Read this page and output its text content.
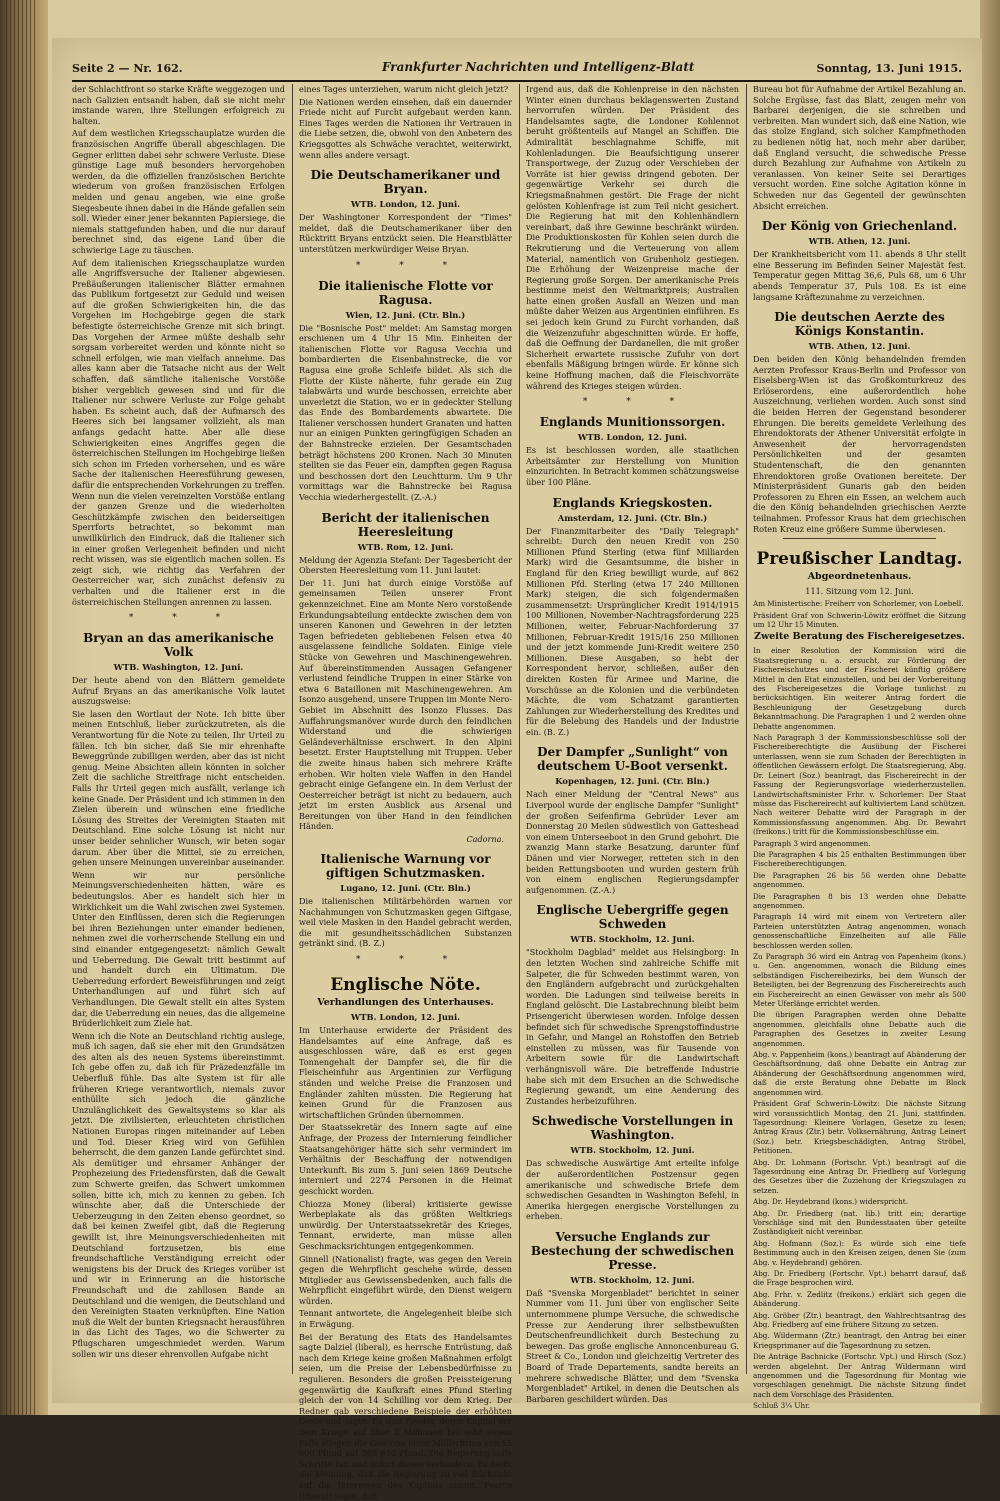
Seite 2 — Nr. 162.	Frankfurter Nachrichten und Intelligenz-Blatt	Sonntag, 13. Juni 1915.

der Schlachtfront so starke Kräfte weggezogen und nach Galizien entsandt haben, daß sie nicht mehr imstande waren, ihre Stellungen erfolgreich zu halten.

Auf dem westlichen Kriegsschauplatze wurden die französischen Angriffe überall abgeschlagen. Die Gegner erlitten dabei sehr schwere Verluste. Diese günstige Lage muß besonders hervorgehoben werden, da die offiziellen französischen Berichte wiederum von großen französischen Erfolgen melden und genau angeben, wie eine große Siegesbeute ihnen dabei in die Hände gefallen sein soll. Wieder einer jener bekannten Papiersiege, die niemals stattgefunden haben, und die nur darauf berechnet sind, das eigene Land über die schwierige Lage zu täuschen.

Auf dem italienischen Kriegsschauplatze wurden alle Angriffsversuche der Italiener abgewiesen. Preßäußerungen italienischer Blätter ermahnen das Publikum fortgesetzt zur Geduld und weisen auf die großen Schwierigkeiten hin, die das Vorgehen im Hochgebirge gegen die stark befestigte österreichische Grenze mit sich bringt. Das Vorgehen der Armee müßte deshalb sehr sorgsam vorbereitet werden und könnte nicht so schnell erfolgen, wie man vielfach annehme. Das alles kann aber die Tatsache nicht aus der Welt schaffen, daß sämtliche italienische Vorstöße bisher vergeblich gewesen sind und für die Italiener nur schwere Verluste zur Folge gehabt haben. Es scheint auch, daß der Aufmarsch des Heeres sich bei langsamer vollzieht, als man anfangs gedacht hatte. Aber alle diese Schwierigkeiten eines Angriffes gegen die österreichischen Stellungen im Hochgebirge ließen sich schon im Frieden vorhersehen, und es wäre Sache der italienischen Heeresführung gewesen, dafür die entsprechenden Vorkehrungen zu treffen. Wenn nun die vielen vereinzelten Vorstöße entlang der ganzen Grenze und die wiederholten Geschützkämpfe zwischen den beiderseitigen Sperrforts betrachtet, so bekommt man unwillkürlich den Eindruck, daß die Italiener sich in einer großen Verlegenheit befinden und nicht recht wissen, was sie eigentlich machen sollen. Es zeigt sich, wie richtig das Verfahren der Oesterreicher war, sich zunächst defensiv zu verhalten und die Italiener erst in die österreichischen Stellungen anrennen zu lassen.

* * *
Bryan an das amerikanische Volk
WTB. Washington, 12. Juni.

Der heute abend von den Blättern gemeldete Aufruf Bryans an das amerikanische Volk lautet auszugsweise:

Sie lasen den Wortlaut der Note. Ich bitte über meinen Entschluß, lieber zurückzutreten, als die Verantwortung für die Note zu teilen, Ihr Urteil zu fällen. Ich bin sicher, daß Sie mir ehrenhafte Beweggründe zubilligen werden, aber das ist nicht genug. Meine Absichten allein könnten in solcher Zeit die sachliche Streitfrage nicht entscheiden. Falls Ihr Urteil gegen mich ausfällt, verlange ich keine Gnade. Der Präsident und ich stimmen in den Zielen überein und wünschen eine friedliche Lösung des Streites der Vereinigten Staaten mit Deutschland. Eine solche Lösung ist nicht nur unser beider sehnlicher Wunsch, wir beten sogar darum. Aber über die Mittel, sie zu erreichen, gehen unsere Meinungen unvereinbar auseinander.

Wenn wir nur persönliche Meinungsverschiedenheiten hätten, wäre es bedeutungslos. Aber es handelt sich hier in Wirklichkeit um die Wahl zwischen zwei Systemen. Unter den Einflüssen, deren sich die Regierungen bei ihren Beziehungen unter einander bedienen, nehmen zwei die vorherrschende Stellung ein und sind einander entgegengesetzt: nämlich Gewalt und Ueberredung. Die Gewalt tritt bestimmt auf und handelt durch ein Ultimatum. Die Ueberredung erfordert Beweisführungen und zeigt Unterhandlungen auf und führt sich auf Verhandlungen. Die Gewalt stellt ein altes System dar, die Ueberredung ein neues, das die allgemeine Brüderlichkeit zum Ziele hat.

Wenn ich die Note an Deutschland richtig auslege, muß ich sagen, daß sie eher mit den Grundsätzen des alten als des neuen Systems übereinstimmt. Ich gebe offen zu, daß ich für Präzedenzfälle im Ueberfluß fühle. Das alte System ist für alle früheren Kriege verantwortlich, niemals zuvor enthüllte sich jedoch die gänzliche Unzulänglichkeit des Gewaltsystems so klar als jetzt. Die zivilisierten, erleuchteten christlichen Nationen Europas ringen miteinander auf Leben und Tod. Dieser Krieg wird von Gefühlen beherrscht, die dem ganzen Lande gefürchtet sind. Als demütiger und ehrsamer Anhänger der Prophezeiung des Friedensfürsten, daß die Gewalt zum Schwerte greifen, das Schwert umkommen sollen, bitte ich, mich zu kennen zu geben. Ich wünschte aber, daß die Unterschiede der Ueberzeugung in den Zeiten ebenso geordnet, so daß bei keinen Zweifel gibt, daß die Regierung gewillt ist, ihre Meinungsverschiedenheiten mit Deutschland fortzusetzen, bis eine freundschaftliche Verständigung erreicht oder wenigstens bis der Druck des Krieges vorüber ist und wir in Erinnerung an die historische Freundschaft und die zahllosen Bande an Deutschland und die wenigen, die Deutschland und den Vereinigten Staaten verknüpften. Eine Nation muß die Welt der bunten Kriegsnacht herausführen in das Licht des Tages, wo die Schwerter zu Pflugscharen umgeschmiedet werden. Warum sollen wir uns dieser ehrenvollen Aufgabe nicht

eines Tages unterziehen, warum nicht gleich jetzt?

Die Nationen werden einsehen, daß ein dauernder Friede nicht auf Furcht aufgebaut werden kann. Eines Tages werden die Nationen ihr Vertrauen in die Liebe setzen, die, obwohl von den Anbetern des Kriegsgottes als Schwäche verachtet, weiterwirkt, wenn alles andere versagt.

Die Deutschamerikaner und Bryan.
WTB. London, 12. Juni.

Der Washingtoner Korrespondent der "Times" meldet, daß die Deutschamerikaner über den Rücktritt Bryans entzückt seien. Die Hearstblätter unterstützen merkwürdiger Weise Bryan.

* * *
Die italienische Flotte vor Ragusa.
Wien, 12. Juni. (Ctr. Bln.)

Die "Bosnische Post" meldet: Am Samstag morgen erschienen um 4 Uhr 15 Min. Einheiten der italienischen Flotte vor Ragusa Vecchia und bombardierten die Eisenbahnstrecke, die vor Ragusa eine große Schleife bildet. Als sich die Flotte der Küste näherte, fuhr gerade ein Zug talabwärts und wurde beschossen, erreichte aber unverletzt die Station, wo er in gedeckter Stellung das Ende des Bombardements abwartete. Die Italiener verschossen hundert Granaten und hatten nur an einigen Punkten geringfügigen Schaden an der Bahnstrecke erzielen. Der Gesamtschaden beträgt höchstens 200 Kronen. Nach 30 Minuten stellten sie das Feuer ein, dampften gegen Ragusa und beschossen dort den Leuchtturm. Um 9 Uhr vormittags war die Bahnstrecke bei Ragusa Vecchia wiederhergestellt. (Z.-A.)

Bericht der italienischen Heeresleitung
WTB. Rom, 12. Juni.

Meldung der Agenzia Stefani: Der Tagesbericht der Obersten Heeresleitung vom 11. Juni lautet:

Der 11. Juni hat durch einige Vorstöße auf gemeinsamen Teilen unserer Front gekennzeichnet. Eine am Monte Nero vorstoßende Erkundungsabteilung entdeckte zwischen dem von unseren Kanonen und Gewehren in der letzten Tagen befriedeten gebliebenen Felsen etwa 40 ausgelassene feindliche Soldaten. Einige viele Stücke von Gewehren und Maschinengewehren. Auf übereinstimmenden Aussagen Gefangener verlustend feindliche Truppen in einer Stärke von etwa 6 Bataillonen mit Maschinengewehren. Am Isonzo ausgehend, unsere Truppen im Monte Nero-Gebiet im Abschnitt des Isonzo Flusses. Das Auffahrungsmanöver wurde durch den feindlichen Widerstand und die schwierigen Geländeverhältnisse erschwert. In den Alpini besetzt. Erster Hauptstellung mit Truppen. Ueber die zweite hinaus haben sich mehrere Kräfte erhoben. Wir holten viele Waffen in den Handel gebracht einige Gefangene ein. In dem Verlust der Oesterreicher beträgt ist nicht zu bedauern, auch jetzt im ersten Ausblick aus Arsenal und Bereitungen von über Hand in den feindlichen Händen.

Cadorna.
Italienische Warnung vor giftigen Schutzmasken.
Lugano, 12. Juni. (Ctr. Bln.)

Die italienischen Militärbehörden warnen vor Nachahmungen von Schutzmasken gegen Giftgase, weil viele Masken in den Handel gebracht werden, die mit gesundheitsschädlichen Substanzen getränkt sind. (B. Z.)

* * *
Englische Nöte.
Verhandlungen des Unterhauses.
WTB. London, 12. Juni.

Im Unterhause erwiderte der Präsident des Handelsamtes auf eine Anfrage, daß es ausgeschlossen wäre, daß es erst gegen Tonnengehalt der Dampfer sei, die für die Fleischeinfuhr aus Argentinien zur Verfügung ständen und welche Preise die Franzosen und Engländer zahlten müssten. Die Regierung hat keinen Grund für die Franzosen aus wirtschaftlichen Gründen übernommen.

Der Staatssekretär des Innern sagte auf eine Anfrage, der Prozess der Internierung feindlicher Staatsangehöriger hätte sich sehr vermindert im Verhältnis der Beschaffung der notwendigen Unterkunft. Bis zum 5. Juni seien 1869 Deutsche interniert und 2274 Personen in die Heimat geschickt worden.

Chiozza Money (liberal) kritisierte gewisse Werbeplakate als das größten Weltkriegs unwürdig. Der Unterstaatssekretär des Krieges, Tennant, erwiderte, man müsse allen Geschmacksrichtungen entgegenkommen.

Ginnell (Nationalist) fragte, was gegen den Verein gegen die Wehrpflicht geschehe würde, dessen Mitglieder aus Gewissensbedenken, auch falls die Wehrpflicht eingeführt würde, den Dienst weigern würden.

Tennant antwortete, die Angelegenheit bleibe sich in Erwägung.

Bei der Beratung des Etats des Handelsamtes sagte Dalziel (liberal), es herrsche Entrüstung, daß nach dem Kriege keine großen Maßnahmen erfolgt seien, um die Preise der Lebensbedürfnisse zu regulieren. Besonders die großen Preissteigerung gegenwärtig die Kaufkraft eines Pfund Sterling gleich der von 14 Schilling vor dem Krieg. Der Redner gab verschiedene Beispiele der erhöhten Geste und sagte: Es sind Reeder, deren Kapital vor dem Kriege auf über 2 Millionen bei sehr einem Falle stiegen die Gewinne einer Müllerfirma von 55 000 Pfund auf 368 650 Pfund. Die Regierung solle Schritte tun und sofort dieses verhindern. Es heißt die Meinung, daß die Regierung zu viel Rücksicht auf die Interessen des Kapitals nimmt. Pearce (liberal) sagte, daß

Irgend aus, daß die Kohlenpreise in den nächsten Winter einen durchaus beklagenswerten Zustand hervorrufen würden. Der Präsident des Handelsamtes sagte, die Londoner Kohlennot beruht größtenteils auf Mangel an Schiffen. Die Admiralität beschlagnahme Schiffe, mit Kohlenladungen. Die Beaufsichtigung unserer Transportwege, der Zuzug oder Verschieben der Vorräte ist hier gewiss dringend geboten. Der gegenwärtige Verkehr sei durch die Kriegsmaßnahmen gestört. Die Frage der nicht gelösten Kohlenfrage ist zum Teil nicht gesichert. Die Regierung hat mit den Kohlenhändlern vereinbart, daß ihre Gewinne beschränkt würden. Die Produktionskosten für Kohlen seien durch die Rekrutierung und die Verteuerung von allem Material, namentlich von Grubenholz gestiegen. Die Erhöhung der Weizenpreise mache der Regierung große Sorgen. Der amerikanische Preis bestimme meist den Weltmarktpreis; Australien hatte einen großen Ausfall an Weizen und man müßte daher Weizen aus Argentinien einführen. Es sei jedoch kein Grund zu Furcht vorhanden, daß die Weizenzufuhr abgeschnitten würde. Er hoffe, daß die Oeffnung der Dardanellen, die mit großer Sicherheit erwartete russische Zufuhr von dort ebenfalls Mäßigung bringen würde. Er könne sich keine Hoffnung machen, daß die Fleischvorräte während des Krieges steigen würden.

* * *
Englands Munitionssorgen.
WTB. London, 12. Juni.

Es ist beschlossen worden, alle staatlichen Arbeitsämter zur Herstellung von Munition einzurichten. In Betracht kommen schätzungsweise über 100 Pläne.

Englands Kriegskosten.
Amsterdam, 12. Juni. (Ctr. Bln.)

Der Finanzmitarbeiter des "Daily Telegraph" schreibt: Durch den neuen Kredit von 250 Millionen Pfund Sterling (etwa fünf Milliarden Mark) wird die Gesamtsumme, die bisher in England für den Krieg bewilligt wurde, auf 862 Millionen Pfd. Sterling (etwa 17 240 Millionen Mark) steigen, die sich folgendermaßen zusammensetzt: Ursprünglicher Kredit 1914/1915 100 Millionen, November-Nachtragsforderung 225 Millionen, weiter, Februar-Nachforderung 37 Millionen, Februar-Kredit 1915/16 250 Millionen und der jetzt kommende Juni-Kredit weitere 250 Millionen. Diese Ausgaben, so hebt der Korrespondent hervor, schließen, außer den direkten Kosten für Armee und Marine, die Vorschüsse an die Kolonien und die verbündeten Mächte, die vom Schatzamt garantierten Zahlungen zur Wiederherstellung des Kredites und für die Belebung des Handels und der Industrie ein. (B. Z.)

Der Dampfer „Sunlight“ von deutschem U-Boot versenkt.
Kopenhagen, 12. Juni. (Ctr. Bln.)

Nach einer Meldung der "Central News" aus Liverpool wurde der englische Dampfer "Sunlight" der großen Seifenfirma Gebrüder Lever am Donnerstag 20 Meilen südwestlich von Gatteshead von einem Unterseeboot in den Grund gebohrt. Die zwanzig Mann starke Besatzung, darunter fünf Dänen und vier Norweger, retteten sich in den beiden Rettungsbooten und wurden gestern früh von einem englischen Regierungsdampfer aufgenommen. (Z.-A.)

Englische Uebergriffe gegen Schweden
WTB. Stockholm, 12. Juni.

"Stockholm Dagblad" meldet aus Helsingborg: In den letzten Wochen sind zahlreiche Schiffe mit Salpeter, die für Schweden bestimmt waren, von den Engländern aufgebracht und zurückgehalten worden. Die Ladungen sind teilweise bereits in England gelöscht. Die Lastabrechnung bleibt beim Prisengericht überwiesen worden. Infolge dessen befindet sich für schwedische Sprengstoffindustrie in Gefahr, und Mangel an Rohstoffen den Betrieb einstellen zu müssen, was für Tausende von Arbeitern sowie für die Landwirtschaft verhängnisvoll wäre. Die betreffende Industrie habe sich mit dem Ersuchen an die Schwedische Regierung gewandt, um eine Aenderung des Zustandes herbeizuführen.

Schwedische Vorstellungen in Washington.
WTB. Stockholm, 12. Juni.

Das schwedische Auswärtige Amt erteilte infolge der außerordentlichen Postzensur gegen amerikanische und schwedische Briefe dem schwedischen Gesandten in Washington Befehl, in Amerika hiergegen energische Vorstellungen zu erheben.

Versuche Englands zur Bestechung der schwedischen Presse.
WTB. Stockholm, 12. Juni.

Daß "Svenska Morgenbladet" berichtet in seiner Nummer vom 11. Juni über von englischer Seite unternommene plumpe Versuche, die schwedische Presse zur Aenderung ihrer selbstbewußten Deutschenfreundlichkeit durch Bestechung zu bewegen. Das große englische Annoncenbureau G. Street & Co., London und gleichzeitig Vertreter des Board of Trade Departements, sandte bereits an mehrere schwedische Blätter, und dem "Svenska Morgenbladet" Artikel, in denen die Deutschen als Barbaren geschildert würden. Das

Bureau bot für Aufnahme der Artikel Bezahlung an. Solche Ergüsse, fast das Blatt, zeugen mehr von Barbarei derjenigen, die sie schreiben und verbreiten. Man wundert sich, daß eine Nation, wie das stolze England, sich solcher Kampfmethoden zu bedienen nötig hat, noch mehr aber darüber, daß England versucht, die schwedische Presse durch Bezahlung zur Aufnahme von Artikeln zu veranlassen. Von keiner Seite sei Derartiges versucht worden. Eine solche Agitation könne in Schweden nur das Gegenteil der gewünschten Absicht erreichen.

Der König von Griechenland.
WTB. Athen, 12. Juni.

Der Krankheitsbericht vom 11. abends 8 Uhr stellt eine Besserung im Befinden Seiner Majestät fest. Temperatur gegen Mittag 36,6, Puls 68, um 6 Uhr abends Temperatur 37, Puls 108. Es ist eine langsame Kräftezunahme zu verzeichnen.

Die deutschen Aerzte des Königs Konstantin.
WTB. Athen, 12. Juni.

Den beiden den König behandelnden fremden Aerzten Professor Kraus-Berlin und Professor von Eiselsberg-Wien ist das Großkomturkreuz des Erlöserordens, eine außerordentlich hohe Auszeichnung, verliehen worden. Auch sonst sind die beiden Herren der Gegenstand besonderer Ehrungen. Die bereits gemeldete Verleihung des Ehrendoktorats der Athener Universität erfolgte in Anwesenheit der hervorragendsten Persönlichkeiten und der gesamten Studentenschaft, die den genannten Ehrendoktoren große Ovationen bereitete. Der Ministerpräsident Gunaris gab den beiden Professoren zu Ehren ein Essen, an welchem auch die den König behandelnden griechischen Aerzte teilnahmen. Professor Kraus hat dem griechischen Roten Kreuz eine größere Summe überwiesen.

Preußischer Landtag.
Abgeordnetenhaus.
111. Sitzung vom 12. Juni.

Am Ministertische: Freiherr von Schorlemer, von Loebell.

Präsident Graf von Schwerin-Löwitz eröffnet die Sitzung um 12 Uhr 15 Minuten.

Zweite Beratung des Fischereigesetzes.

In einer Resolution der Kommission wird die Staatsregierung u. a. ersucht, zur Förderung der Fischereischutzes und der Fischerei künftig größere Mittel in den Etat einzustellen, und bei der Vorbereitung des Fischereigesetzes die Vorlage tunlichst zu berücksichtigen. Ein weiterer Antrag fordert die Beschleunigung der Gesetzgebung durch Bekanntmachung. Die Paragraphen 1 und 2 werden ohne Debatte angenommen.

Nach Paragraph 3 der Kommissionsbeschlüsse soll der Fischereiberechtigte die Ausübung der Fischerei unterlassen, wenn sie zum Schaden der Berechtigten in öffentlichen Gewässern erfolgt. Die Staatsregierung, Abg. Dr. Leinert (Soz.) beantragt, das Fischereirecht in der Fassung der Regierungsvorlage wiederherzustellen. Landwirtschaftsminister Frhr. v. Schorlemer: Der Staat müsse das Fischereirecht auf kultiviertem Land schützen. Nach weiterer Debatte wird der Paragraph in der Kommissionsfassung angenommen. Abg. Dr. Bewahrt (freikons.) tritt für die Kommissionsbeschlüsse ein.

Paragraph 3 wird angenommen.

Die Paragraphen 4 bis 25 enthalten Bestimmungen über Fischereiberechtigungen.

Die Paragraphen 26 bis 56 werden ohne Debatte angenommen.

Die Paragraphen 8 bis 13 werden ohne Debatte angenommen.

Paragraph 14 wird mit einem von Vertretern aller Parteien unterstützten Antrag angenommen, wonach genossenschaftliche Einzelheiten auf alle Fälle beschlossen werden sollen.

Zu Paragraph 36 wird ein Antrag von Papenheim (kons.) u. Gen. angenommen, wonach die Bildung eines selbständigen Fischereibezirks, bei dem Wunsch der Beteiligten, bei der Begrenzung des Fischereirechts auch ein Fischereirecht an einen Gewässer von mehr als 500 Meter Uferlänge errichtet werden.

Die übrigen Paragraphen werden ohne Debatte angenommen, gleichfalls ohne Debatte auch die Paragraphen des Gesetzes in zweiter Lesung angenommen.

Abg. v. Pappenheim (kons.) beantragt auf Abänderung der Geschäftsordnung, daß ohne Debatte ein Antrag zur Abänderung der Geschäftsordnung angenommen wird, daß die erste Beratung ohne Debatte im Block angenommen wird.

Präsident Graf Schwerin-Löwitz: Die nächste Sitzung wird voraussichtlich Montag, den 21. Juni, stattfinden. Tagesordnung: Kleinere Vorlagen, Gesetze zu lesen; Antrag Kraus (Ztr.) betr. Volksernährung, Antrag Leinert (Soz.) betr. Kriegsbeschädigten, Antrag Ströbel, Petitionen.

Abg. Dr. Lohmann (Fortschr. Vpt.) beantragt auf die Tagesordnung eine Antrag Dr. Friedberg auf Vorlegung des Gesetzes über die Zuziehung der Kriegszulagen zu setzen.

Abg. Dr. Heydebrand (kons.) widerspricht.

Abg. Dr. Friedberg (nat. lib.) tritt ein; derartige Vorschläge sind mit den Bundesstaaten über geteilte Zuständigkeit nicht vereinbar.

Abg. Hofmann (Soz.): Es würde sich eine tiefe Bestimmung auch in den Kreisen zeigen, denen Sie (zum Abg. v. Heydebrand) gehören.

Abg. Dr. Friedberg (Fortschr. Vpt.) beharrt darauf, daß die Frage besprochen wird.

Abg. Frhr. v. Zedlitz (freikons.) erklärt sich gegen die Abänderung.

Abg. Gröber (Ztr.) beantragt, den Wahlrechtsantrag des Abg. Friedberg auf eine frühere Sitzung zu setzen.

Abg. Wildermann (Ztr.) beantragt, den Antrag bei einer Kriegsprimaner auf die Tagesordnung zu setzen.

Die Anträge Bachnicke (Fortschr. Vpt.) und Hirsch (Soz.) werden abgelehnt. Der Antrag Wildermann wird angenommen und die Tagesordnung für Montag wie vorgeschlagen genehmigt. Die nächste Sitzung findet nach dem Vorschlage des Präsidenten.

Schluß 3¼ Uhr.
